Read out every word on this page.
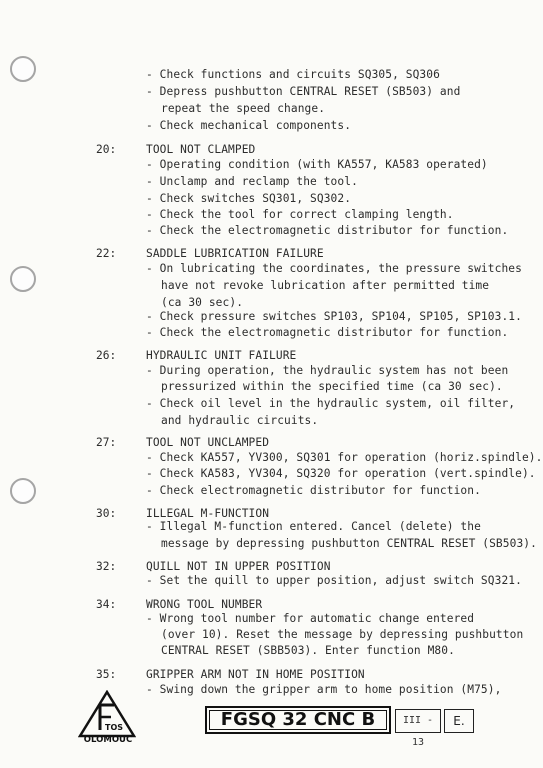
- Check functions and circuits SQ305, SQ306
- Depress pushbutton CENTRAL RESET (SB503) and
repeat the speed change.
- Check mechanical components.
TOOL NOT CLAMPED
- Operating condition (with KA557, KA583 operated)
- Unclamp and reclamp the tool.
- Check switches SQ301, SQ302.
- Check the tool for correct clamping length.
- Check the electromagnetic distributor for function.
SADDLE LUBRICATION FAILURE
- On lubricating the coordinates, the pressure switches
have not revoke lubrication after permitted time
(ca 30 sec).
- Check pressure switches SP103, SP104, SP105, SP103.1.
- Check the electromagnetic distributor for function.
HYDRAULIC UNIT FAILURE
- During operation, the hydraulic system has not been
pressurized within the specified time (ca 30 sec).
- Check oil level in the hydraulic system, oil filter,
and hydraulic circuits.
TOOL NOT UNCLAMPED
- Check KA557, YV300, SQ301 for operation (horiz.spindle).
- Check KA583, YV304, SQ320 for operation (vert.spindle).
- Check electromagnetic distributor for function.
ILLEGAL M-FUNCTION
- Illegal M-function entered. Cancel (delete) the
message by depressing pushbutton CENTRAL RESET (SB503).
QUILL NOT IN UPPER POSITION
- Set the quill to upper position, adjust switch SQ321.
WRONG TOOL NUMBER
- Wrong tool number for automatic change entered
(over 10). Reset the message by depressing pushbutton
CENTRAL RESET (SBB503). Enter function M80.
GRIPPER ARM NOT IN HOME POSITION
- Swing down the gripper arm to home position (M75),
20:
22:
26:
27:
30:
32:
34:
35:
TOS
OLOMOUC
FGSQ 32 CNC B	III - 13
E.
